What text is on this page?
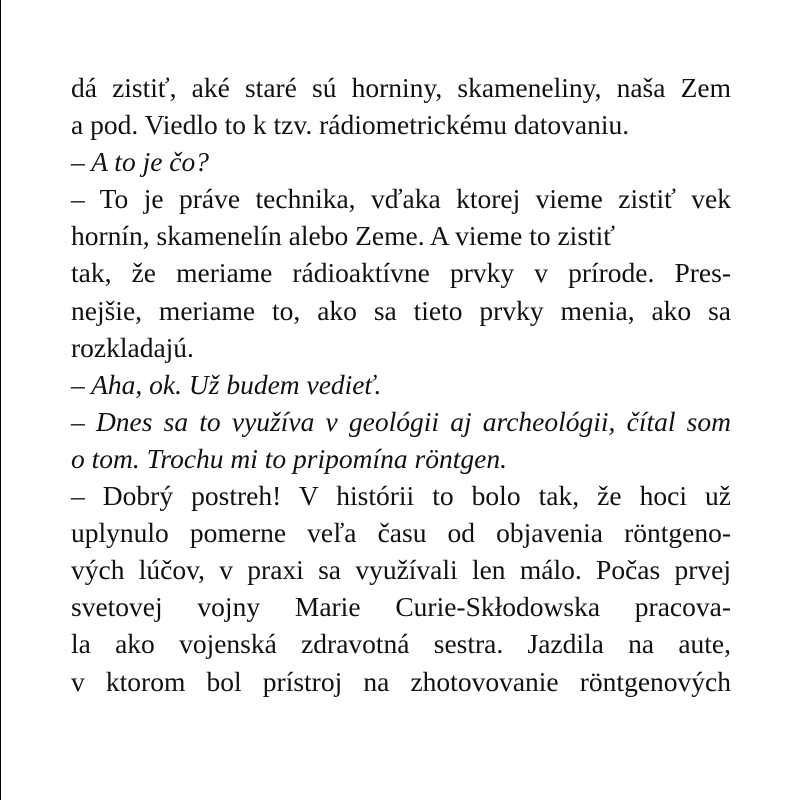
dá zistiť, aké staré sú horniny, skameneliny, naša Zem
a pod. Viedlo to k tzv. rádiometrickému datovaniu.
– A to je čo?
– To je práve technika, vďaka ktorej vieme zistiť vek
hornín, skamenelín alebo Zeme. A vieme to zistiť
tak, že meriame rádioaktívne prvky v prírode. Pres-
nejšie, meriame to, ako sa tieto prvky menia, ako sa
rozkladajú.
– Aha, ok. Už budem vedieť.
– Dnes sa to využíva v geológii aj archeológii, čítal som
o tom. Trochu mi to pripomína röntgen.
– Dobrý postreh! V histórii to bolo tak, že hoci už
uplynulo pomerne veľa času od objavenia röntgeno-
vých lúčov, v praxi sa využívali len málo. Počas prvej
svetovej vojny Marie Curie-Skłodowska pracova-
la ako vojenská zdravotná sestra. Jazdila na aute,
v ktorom bol prístroj na zhotovovanie röntgenových
